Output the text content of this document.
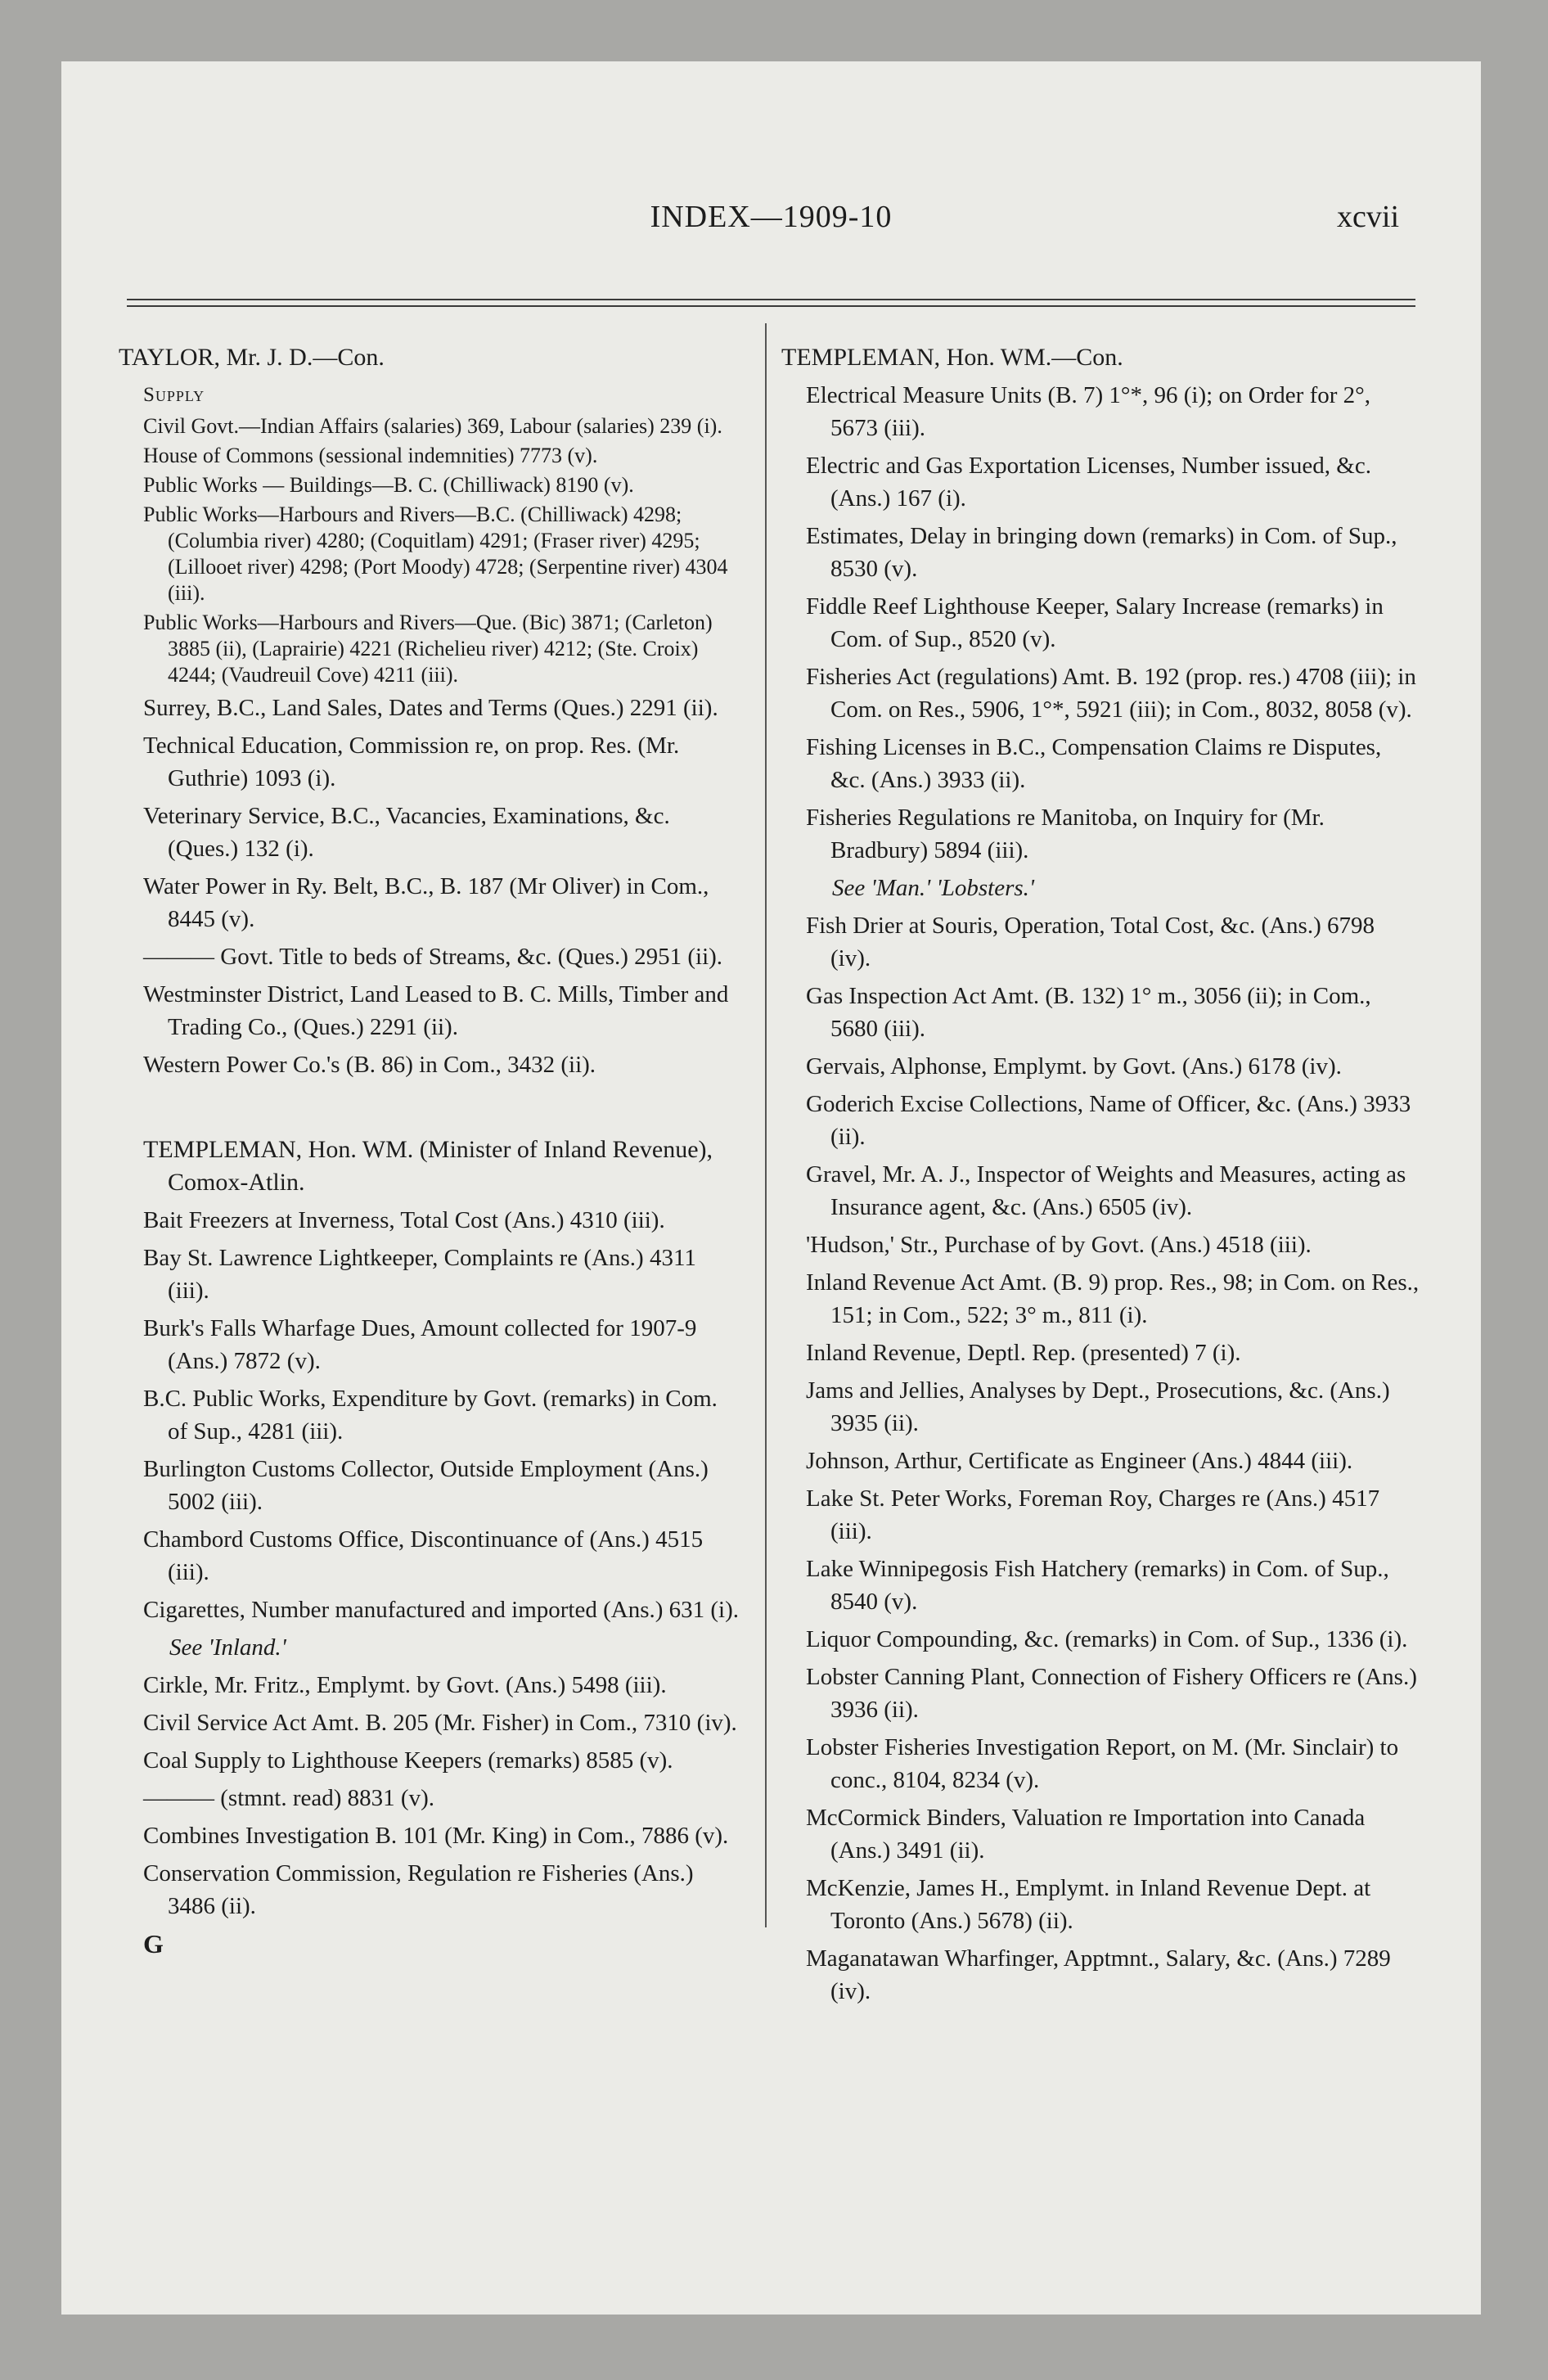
INDEX—1909-10	xcvii
TAYLOR, Mr. J. D.—Con.
Supply
Civil Govt.—Indian Affairs (salaries) 369, Labour (salaries) 239 (i).
House of Commons (sessional indemnities) 7773 (v).
Public Works — Buildings—B. C. (Chilliwack) 8190 (v).
Public Works—Harbours and Rivers—B.C. (Chilliwack) 4298; (Columbia river) 4280; (Coquitlam) 4291; (Fraser river) 4295; (Lillooet river) 4298; (Port Moody) 4728; (Serpentine river) 4304 (iii).
Public Works—Harbours and Rivers—Que. (Bic) 3871; (Carleton) 3885 (ii), (Laprairie) 4221 (Richelieu river) 4212; (Ste. Croix) 4244; (Vaudreuil Cove) 4211 (iii).
Surrey, B.C., Land Sales, Dates and Terms (Ques.) 2291 (ii).
Technical Education, Commission re, on prop. Res. (Mr. Guthrie) 1093 (i).
Veterinary Service, B.C., Vacancies, Examinations, &c. (Ques.) 132 (i).
Water Power in Ry. Belt, B.C., B. 187 (Mr Oliver) in Com., 8445 (v).
——— Govt. Title to beds of Streams, &c. (Ques.) 2951 (ii).
Westminster District, Land Leased to B. C. Mills, Timber and Trading Co., (Ques.) 2291 (ii).
Western Power Co.'s (B. 86) in Com., 3432 (ii).
TEMPLEMAN, Hon. WM. (Minister of Inland Revenue), Comox-Atlin.
Bait Freezers at Inverness, Total Cost (Ans.) 4310 (iii).
Bay St. Lawrence Lightkeeper, Complaints re (Ans.) 4311 (iii).
Burk's Falls Wharfage Dues, Amount collected for 1907-9 (Ans.) 7872 (v).
B.C. Public Works, Expenditure by Govt. (remarks) in Com. of Sup., 4281 (iii).
Burlington Customs Collector, Outside Employment (Ans.) 5002 (iii).
Chambord Customs Office, Discontinuance of (Ans.) 4515 (iii).
Cigarettes, Number manufactured and imported (Ans.) 631 (i).
See 'Inland.'
Cirkle, Mr. Fritz., Emplymt. by Govt. (Ans.) 5498 (iii).
Civil Service Act Amt. B. 205 (Mr. Fisher) in Com., 7310 (iv).
Coal Supply to Lighthouse Keepers (remarks) 8585 (v).
——— (stmnt. read) 8831 (v).
Combines Investigation B. 101 (Mr. King) in Com., 7886 (v).
Conservation Commission, Regulation re Fisheries (Ans.) 3486 (ii).
G
TEMPLEMAN, Hon. WM.—Con.
Electrical Measure Units (B. 7) 1°*, 96 (i); on Order for 2°, 5673 (iii).
Electric and Gas Exportation Licenses, Number issued, &c. (Ans.) 167 (i).
Estimates, Delay in bringing down (remarks) in Com. of Sup., 8530 (v).
Fiddle Reef Lighthouse Keeper, Salary Increase (remarks) in Com. of Sup., 8520 (v).
Fisheries Act (regulations) Amt. B. 192 (prop. res.) 4708 (iii); in Com. on Res., 5906, 1°*, 5921 (iii); in Com., 8032, 8058 (v).
Fishing Licenses in B.C., Compensation Claims re Disputes, &c. (Ans.) 3933 (ii).
Fisheries Regulations re Manitoba, on Inquiry for (Mr. Bradbury) 5894 (iii).
See 'Man.' 'Lobsters.'
Fish Drier at Souris, Operation, Total Cost, &c. (Ans.) 6798 (iv).
Gas Inspection Act Amt. (B. 132) 1° m., 3056 (ii); in Com., 5680 (iii).
Gervais, Alphonse, Emplymt. by Govt. (Ans.) 6178 (iv).
Goderich Excise Collections, Name of Officer, &c. (Ans.) 3933 (ii).
Gravel, Mr. A. J., Inspector of Weights and Measures, acting as Insurance agent, &c. (Ans.) 6505 (iv).
'Hudson,' Str., Purchase of by Govt. (Ans.) 4518 (iii).
Inland Revenue Act Amt. (B. 9) prop. Res., 98; in Com. on Res., 151; in Com., 522; 3° m., 811 (i).
Inland Revenue, Deptl. Rep. (presented) 7 (i).
Jams and Jellies, Analyses by Dept., Prosecutions, &c. (Ans.) 3935 (ii).
Johnson, Arthur, Certificate as Engineer (Ans.) 4844 (iii).
Lake St. Peter Works, Foreman Roy, Charges re (Ans.) 4517 (iii).
Lake Winnipegosis Fish Hatchery (remarks) in Com. of Sup., 8540 (v).
Liquor Compounding, &c. (remarks) in Com. of Sup., 1336 (i).
Lobster Canning Plant, Connection of Fishery Officers re (Ans.) 3936 (ii).
Lobster Fisheries Investigation Report, on M. (Mr. Sinclair) to conc., 8104, 8234 (v).
McCormick Binders, Valuation re Importation into Canada (Ans.) 3491 (ii).
McKenzie, James H., Emplymt. in Inland Revenue Dept. at Toronto (Ans.) 5678) (ii).
Maganatawan Wharfinger, Apptmnt., Salary, &c. (Ans.) 7289 (iv).
